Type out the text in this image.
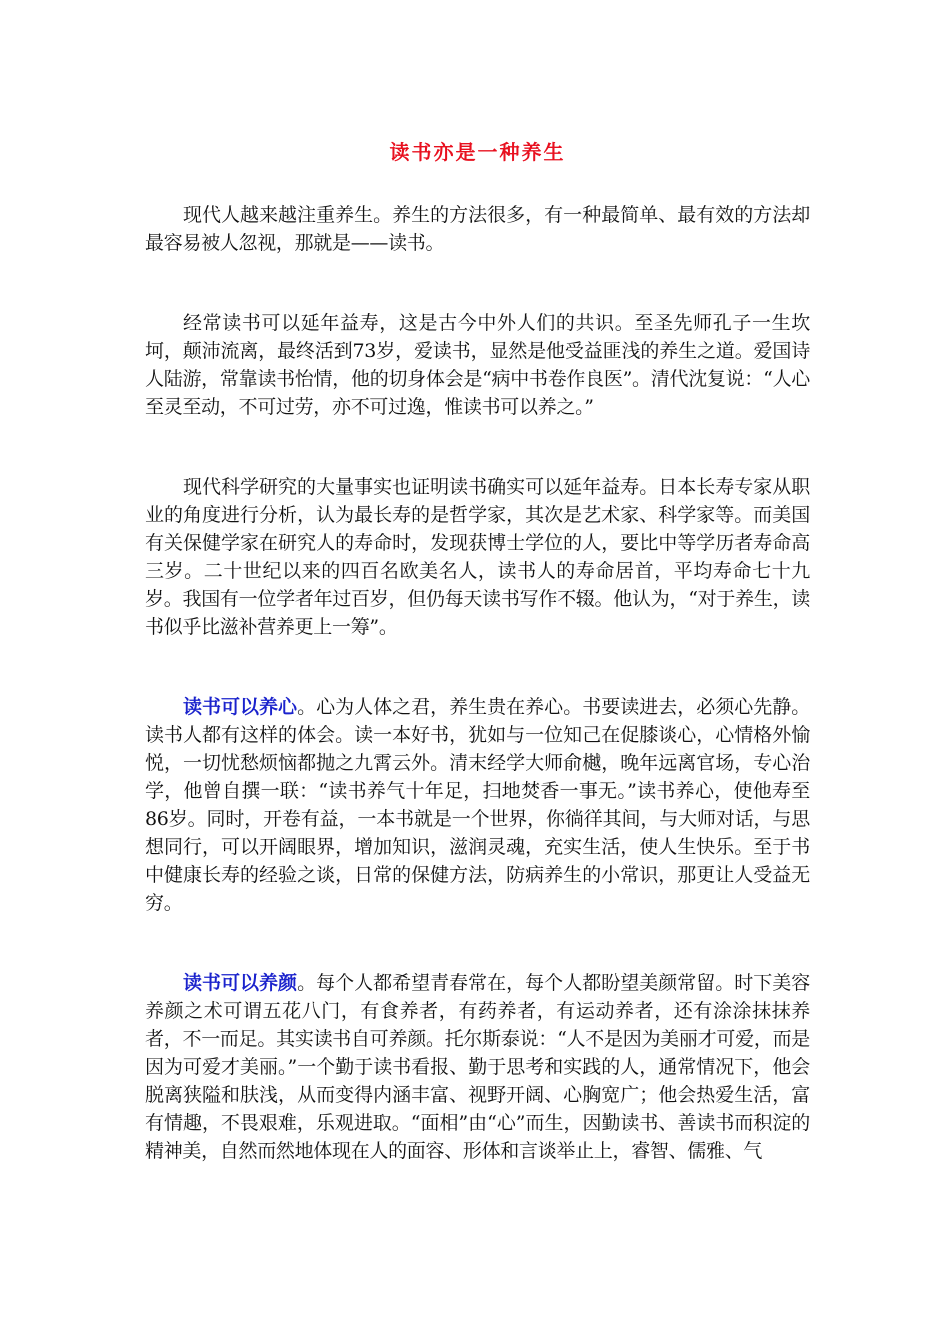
读书亦是一种养生

现代人越来越注重养生。养生的方法很多，有一种最简单、最有效的方法却最容易被人忽视，那就是——读书。

经常读书可以延年益寿，这是古今中外人们的共识。至圣先师孔子一生坎坷，颠沛流离，最终活到73岁，爱读书，显然是他受益匪浅的养生之道。爱国诗人陆游，常靠读书怡情，他的切身体会是“病中书卷作良医”。清代沈复说：“人心至灵至动，不可过劳，亦不可过逸，惟读书可以养之。”

现代科学研究的大量事实也证明读书确实可以延年益寿。日本长寿专家从职业的角度进行分析，认为最长寿的是哲学家，其次是艺术家、科学家等。而美国有关保健学家在研究人的寿命时，发现获博士学位的人，要比中等学历者寿命高三岁。二十世纪以来的四百名欧美名人，读书人的寿命居首，平均寿命七十九岁。我国有一位学者年过百岁，但仍每天读书写作不辍。他认为，“对于养生，读书似乎比滋补营养更上一筹”。

读书可以养心。心为人体之君，养生贵在养心。书要读进去，必须心先静。读书人都有这样的体会。读一本好书，犹如与一位知己在促膝谈心，心情格外愉悦，一切忧愁烦恼都抛之九霄云外。清末经学大师俞樾，晚年远离官场，专心治学，他曾自撰一联：“读书养气十年足，扫地焚香一事无。”读书养心，使他寿至86岁。同时，开卷有益，一本书就是一个世界，你徜徉其间，与大师对话，与思想同行，可以开阔眼界，增加知识，滋润灵魂，充实生活，使人生快乐。至于书中健康长寿的经验之谈，日常的保健方法，防病养生的小常识，那更让人受益无穷。

读书可以养颜。每个人都希望青春常在，每个人都盼望美颜常留。时下美容养颜之术可谓五花八门，有食养者，有药养者，有运动养者，还有涂涂抹抹养者，不一而足。其实读书自可养颜。托尔斯泰说：“人不是因为美丽才可爱，而是因为可爱才美丽。”一个勤于读书看报、勤于思考和实践的人，通常情况下，他会脱离狭隘和肤浅，从而变得内涵丰富、视野开阔、心胸宽广；他会热爱生活，富有情趣，不畏艰难，乐观进取。“面相”由“心”而生，因勤读书、善读书而积淀的精神美，自然而然地体现在人的面容、形体和言谈举止上，睿智、儒雅、气
